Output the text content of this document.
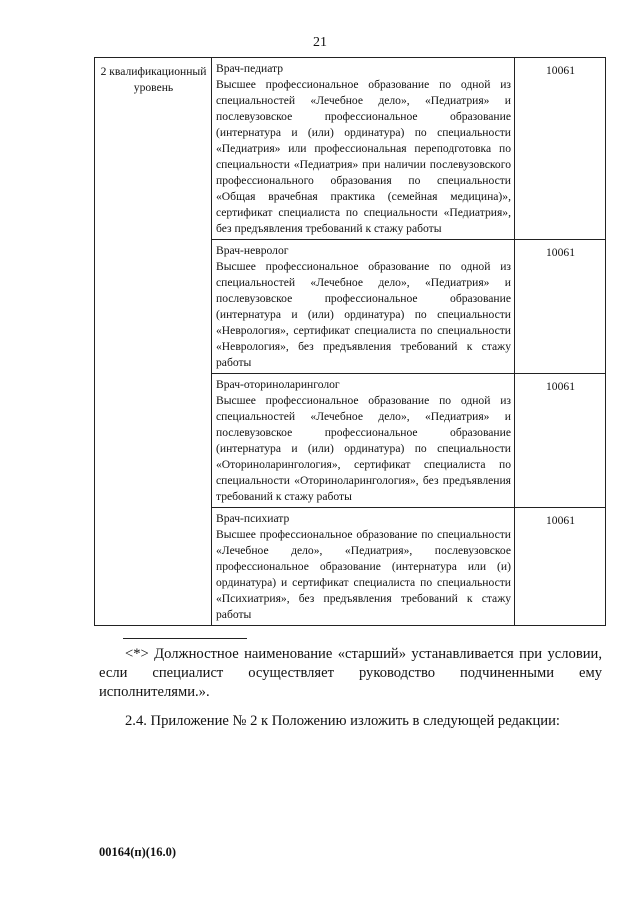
21
2 квалификационный уровень	Врач-педиатр
Высшее профессиональное образование по одной из специальностей «Лечебное дело», «Педиатрия» и послевузовское профессиональное образование (интернатура и (или) ординатура) по специальности «Педиатрия» или профессиональная переподготовка по специальности «Педиатрия» при наличии послевузовского профессионального образования по специальности «Общая врачебная практика (семейная медицина)», сертификат специалиста по специальности «Педиатрия», без предъявления требований к стажу работы	10061

	Врач-невролог
Высшее профессиональное образование по одной из специальностей «Лечебное дело», «Педиатрия» и послевузовское профессиональное образование (интернатура и (или) ординатура) по специальности «Неврология», сертификат специалиста по специальности «Неврология», без предъявления требований к стажу работы	10061

	Врач-оториноларинголог
Высшее профессиональное образование по одной из специальностей «Лечебное дело», «Педиатрия» и послевузовское профессиональное образование (интернатура и (или) ординатура) по специальности «Оториноларингология», сертификат специалиста по специальности «Оториноларингология», без предъявления требований к стажу работы	10061

	Врач-психиатр
Высшее профессиональное образование по специальности «Лечебное дело», «Педиатрия», послевузовское профессиональное образование (интернатура или (и) ординатура) и сертификат специалиста по специальности «Психиатрия», без предъявления требований к стажу работы	10061
<*> Должностное наименование «старший» устанавливается при условии, если специалист осуществляет руководство подчиненными ему исполнителями.».
2.4. Приложение № 2 к Положению изложить в следующей редакции:
00164(п)(16.0)
